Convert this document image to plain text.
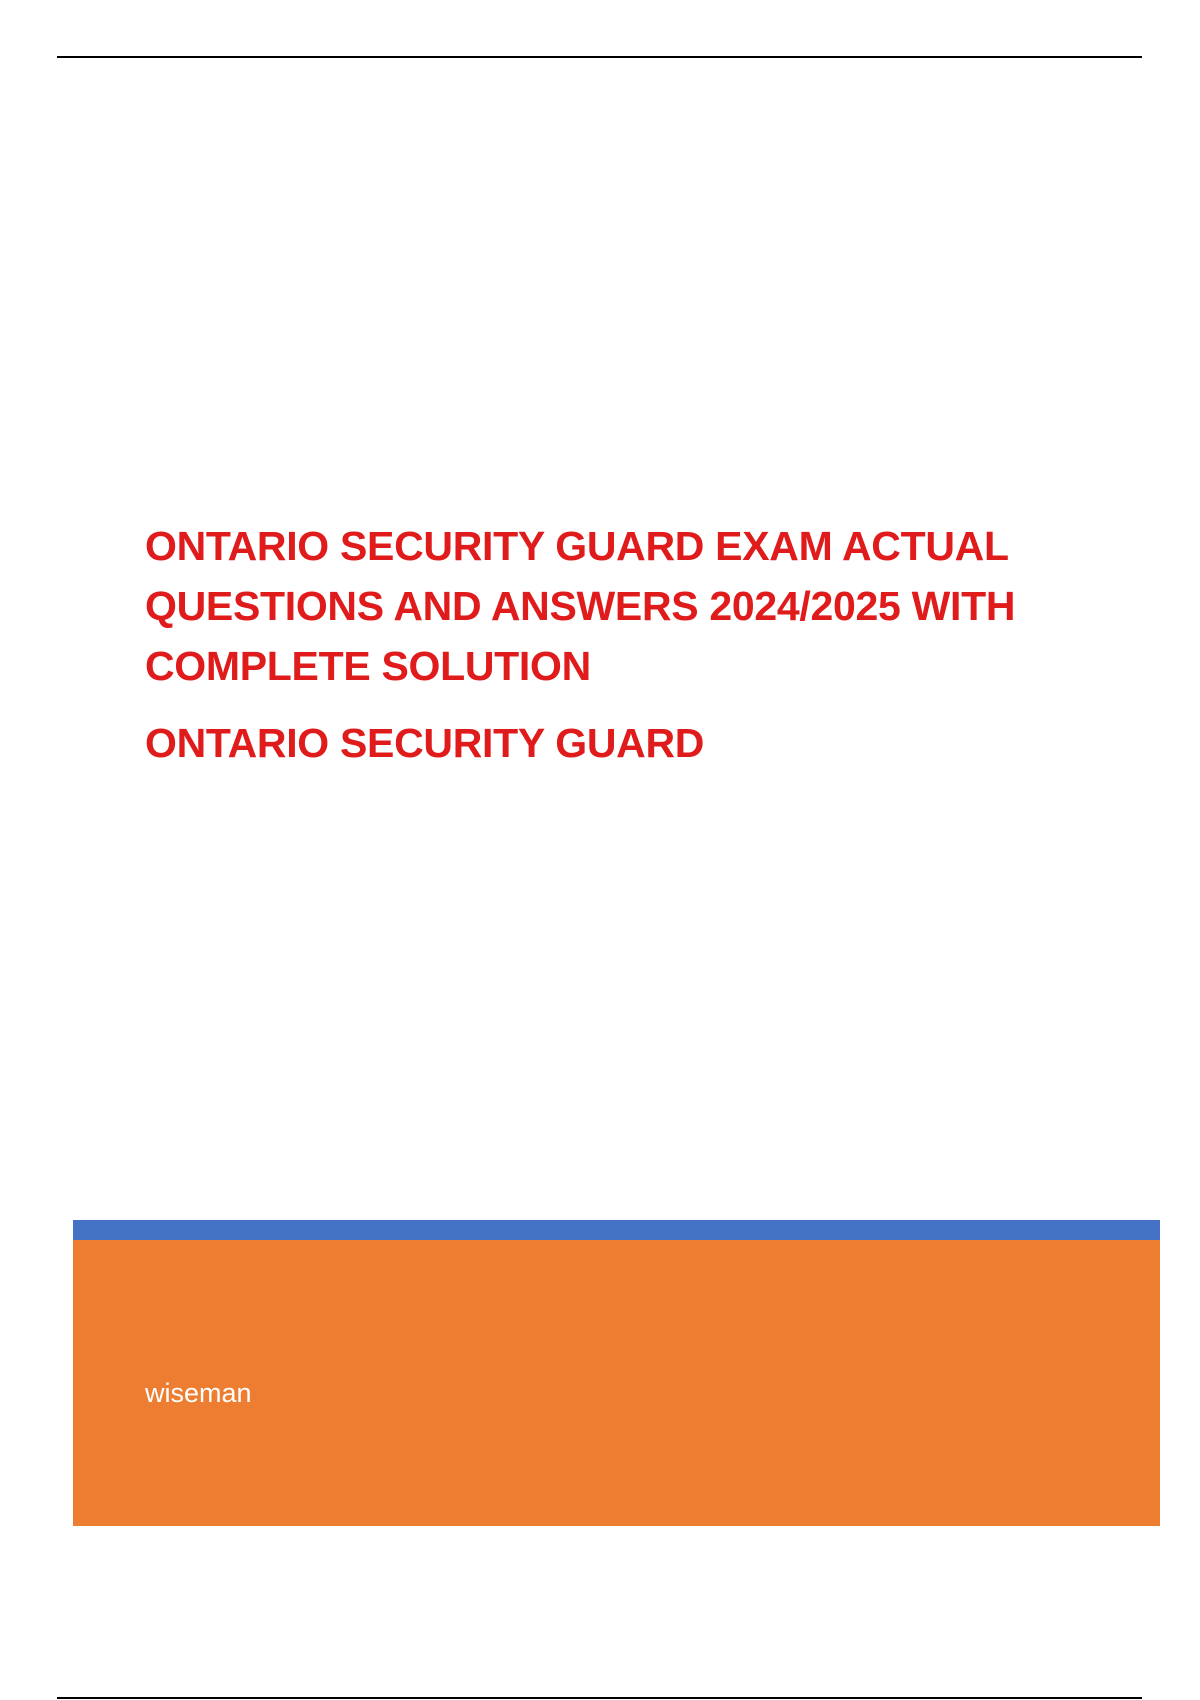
ONTARIO SECURITY GUARD EXAM ACTUAL
QUESTIONS AND ANSWERS 2024/2025 WITH
COMPLETE SOLUTION
ONTARIO SECURITY GUARD
wiseman
